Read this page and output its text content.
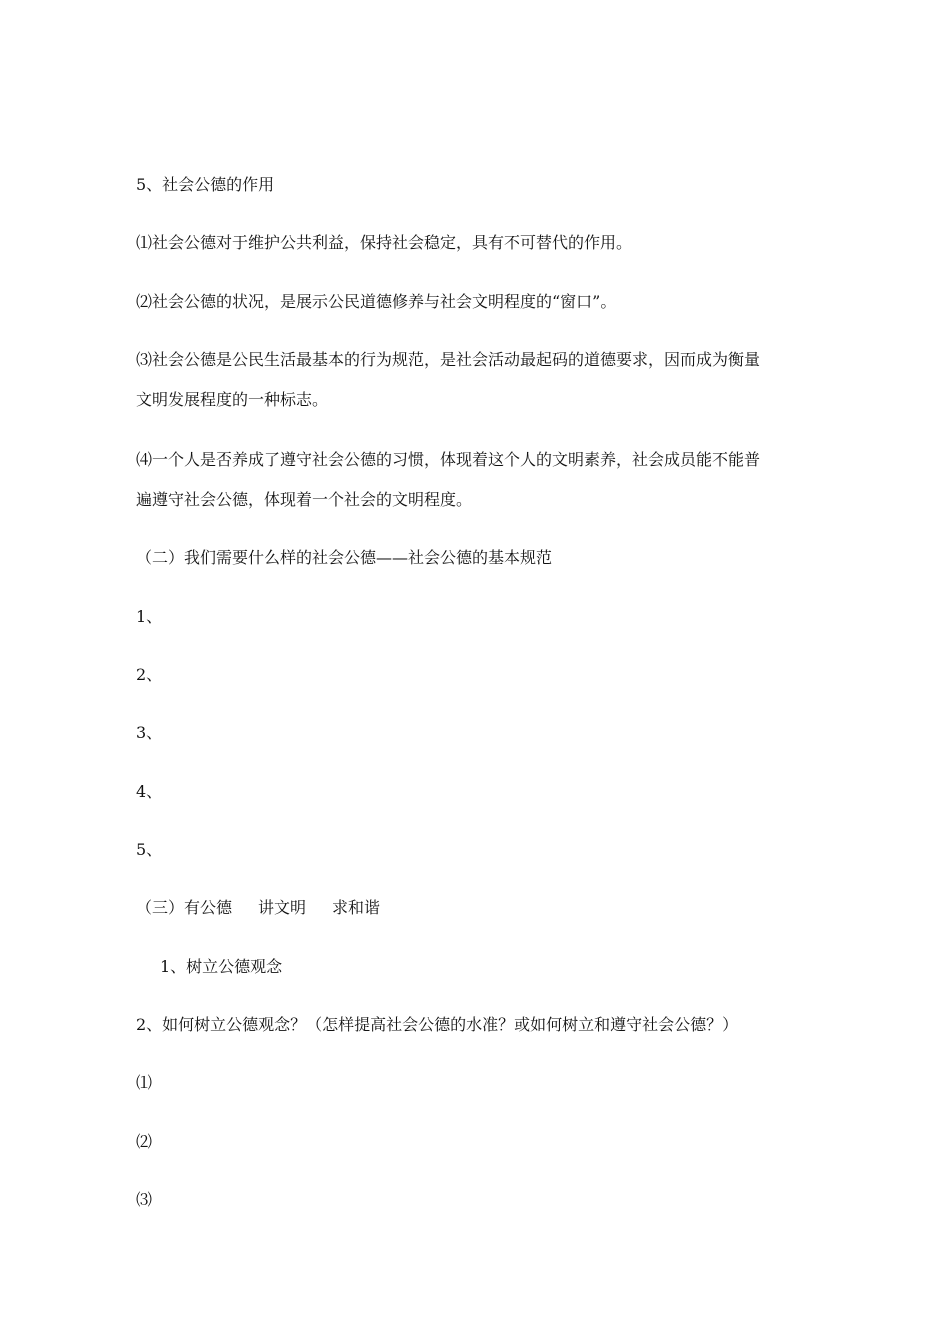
5、社会公德的作用
⑴社会公德对于维护公共利益，保持社会稳定，具有不可替代的作用。
⑵社会公德的状况，是展示公民道德修养与社会文明程度的“窗口”。
⑶社会公德是公民生活最基本的行为规范，是社会活动最起码的道德要求，因而成为衡量
文明发展程度的一种标志。
⑷一个人是否养成了遵守社会公德的习惯，体现着这个人的文明素养，社会成员能不能普
遍遵守社会公德，体现着一个社会的文明程度。
（二）我们需要什么样的社会公德——社会公德的基本规范
1、
2、
3、
4、
5、
（三）有公德 讲文明 求和谐
1、树立公德观念
2、如何树立公德观念？（怎样提高社会公德的水准？或如何树立和遵守社会公德？）
⑴
⑵
⑶
